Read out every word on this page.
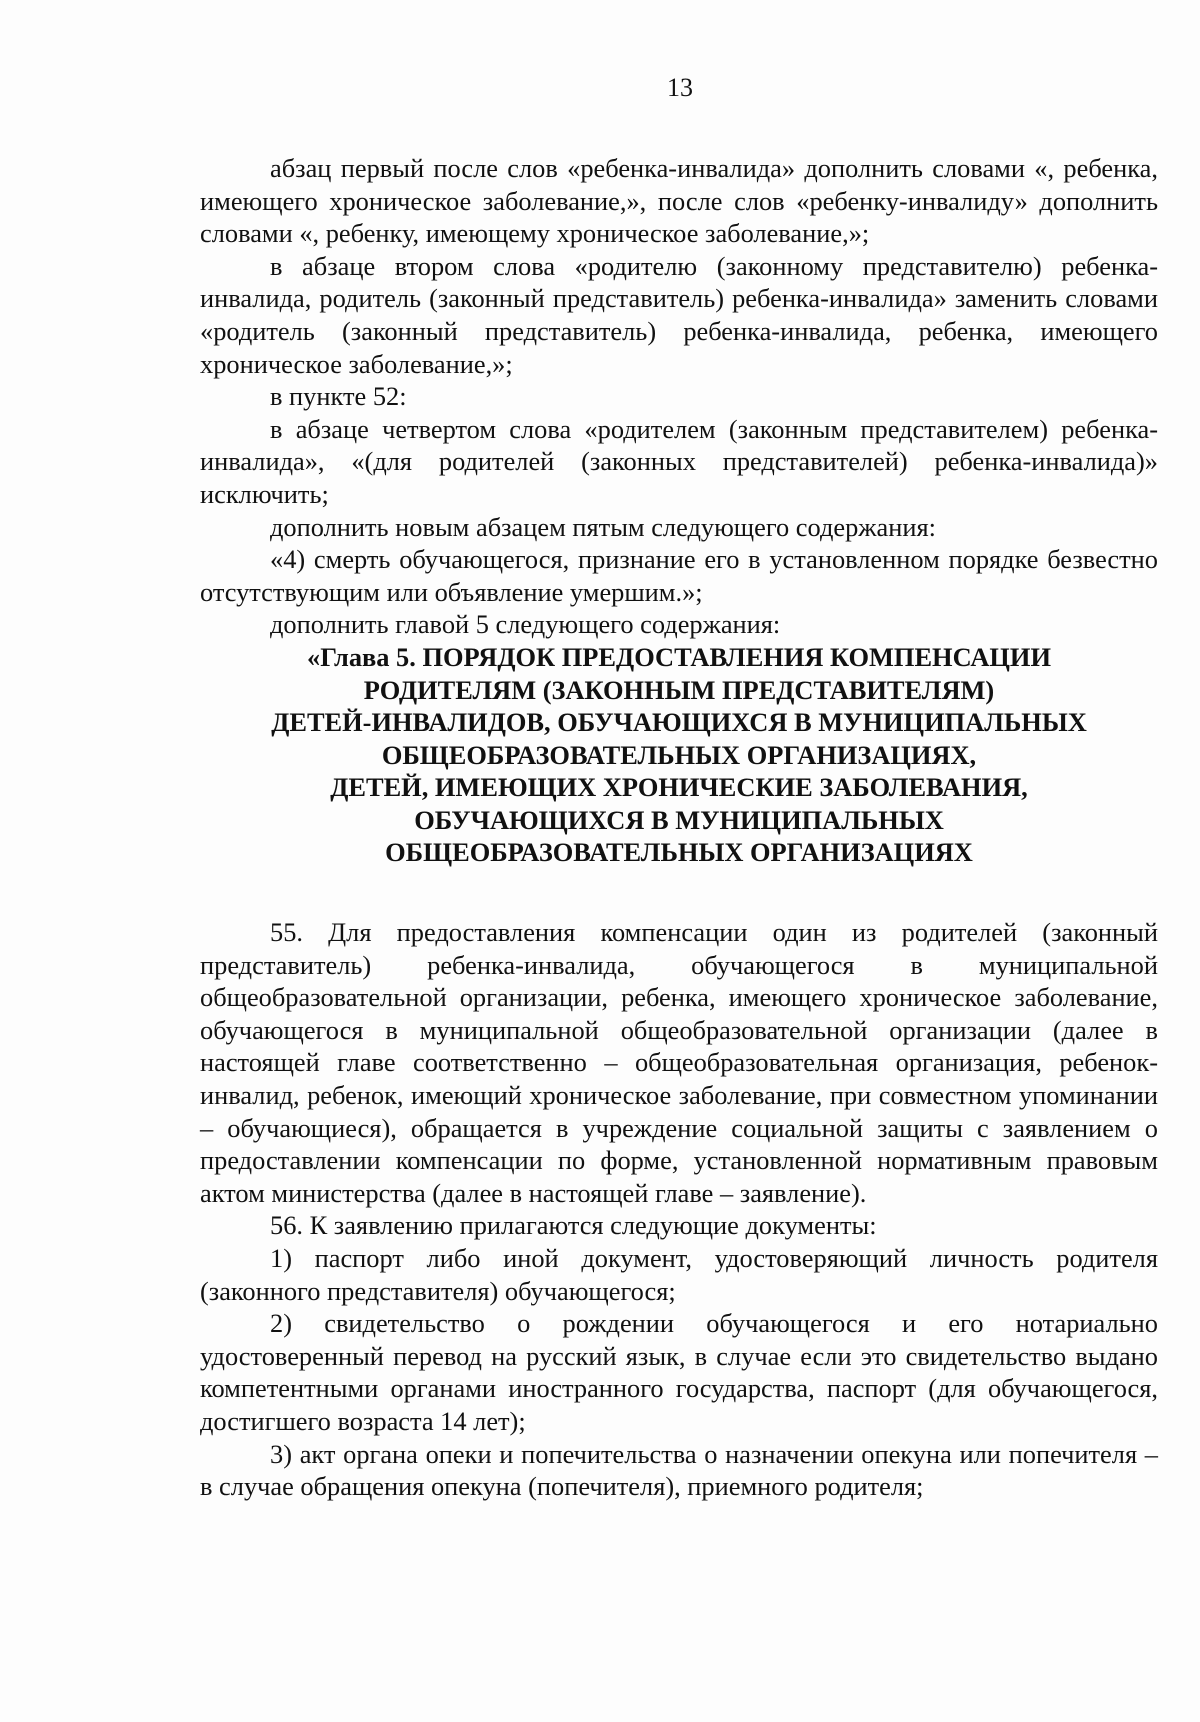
13

абзац первый после слов «ребенка-инвалида» дополнить словами «, ребенка, имеющего хроническое заболевание,», после слов «ребенку-инвалиду» дополнить словами «, ребенку, имеющему хроническое заболевание,»;

в абзаце втором слова «родителю (законному представителю) ребенка-инвалида, родитель (законный представитель) ребенка-инвалида» заменить словами «родитель (законный представитель) ребенка-инвалида, ребенка, имеющего хроническое заболевание,»;

в пункте 52:

в абзаце четвертом слова «родителем (законным представителем) ребенка-инвалида», «(для родителей (законных представителей) ребенка-инвалида)» исключить;

дополнить новым абзацем пятым следующего содержания:

«4) смерть обучающегося, признание его в установленном порядке безвестно отсутствующим или объявление умершим.»;

дополнить главой 5 следующего содержания:

«Глава 5. ПОРЯДОК ПРЕДОСТАВЛЕНИЯ КОМПЕНСАЦИИ
РОДИТЕЛЯМ (ЗАКОННЫМ ПРЕДСТАВИТЕЛЯМ)
ДЕТЕЙ-ИНВАЛИДОВ, ОБУЧАЮЩИХСЯ В МУНИЦИПАЛЬНЫХ
ОБЩЕОБРАЗОВАТЕЛЬНЫХ ОРГАНИЗАЦИЯХ,
ДЕТЕЙ, ИМЕЮЩИХ ХРОНИЧЕСКИЕ ЗАБОЛЕВАНИЯ,
ОБУЧАЮЩИХСЯ В МУНИЦИПАЛЬНЫХ
ОБЩЕОБРАЗОВАТЕЛЬНЫХ ОРГАНИЗАЦИЯХ

55. Для предоставления компенсации один из родителей (законный представитель) ребенка-инвалида, обучающегося в муниципальной общеобразовательной организации, ребенка, имеющего хроническое заболевание, обучающегося в муниципальной общеобразовательной организации (далее в настоящей главе соответственно – общеобразовательная организация, ребенок-инвалид, ребенок, имеющий хроническое заболевание, при совместном упоминании – обучающиеся), обращается в учреждение социальной защиты с заявлением о предоставлении компенсации по форме, установленной нормативным правовым актом министерства (далее в настоящей главе – заявление).

56. К заявлению прилагаются следующие документы:

1) паспорт либо иной документ, удостоверяющий личность родителя (законного представителя) обучающегося;

2) свидетельство о рождении обучающегося и его нотариально удостоверенный перевод на русский язык, в случае если это свидетельство выдано компетентными органами иностранного государства, паспорт (для обучающегося, достигшего возраста 14 лет);

3) акт органа опеки и попечительства о назначении опекуна или попечителя – в случае обращения опекуна (попечителя), приемного родителя;
